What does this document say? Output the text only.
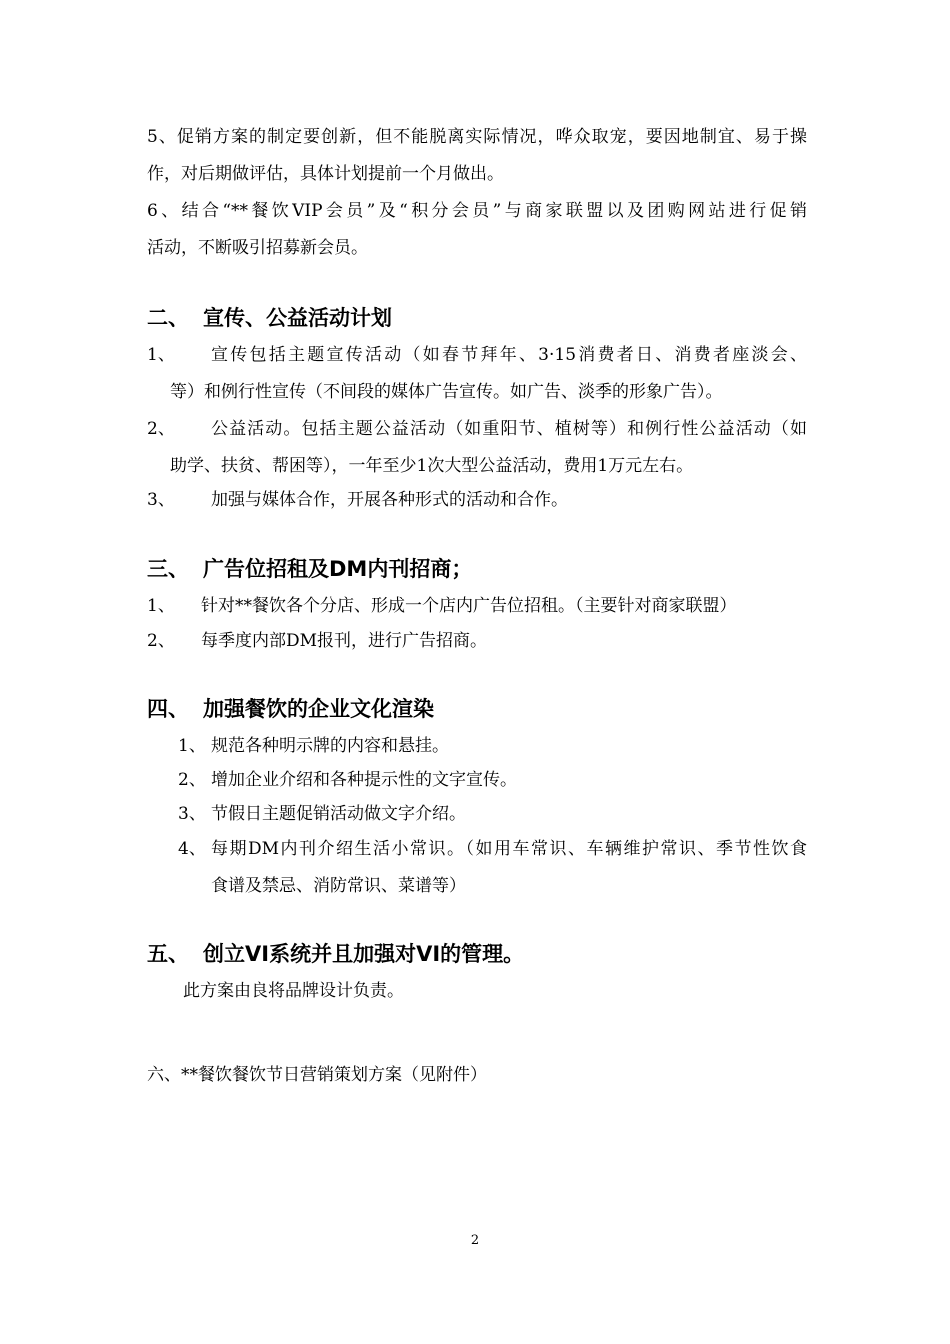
5、促销方案的制定要创新，但不能脱离实际情况，哗众取宠，要因地制宜、易于操
作，对后期做评估，具体计划提前一个月做出。
6、结合“**餐饮VIP会员”及“积分会员”与商家联盟以及团购网站进行促销
活动，不断吸引招募新会员。
二、 宣传、公益活动计划
1、 宣传包括主题宣传活动（如春节拜年、3·15消费者日、消费者座淡会、
等）和例行性宣传（不间段的媒体广告宣传。如广告、淡季的形象广告）。
2、 公益活动。包括主题公益活动（如重阳节、植树等）和例行性公益活动（如
助学、扶贫、帮困等），一年至少1次大型公益活动，费用1万元左右。
3、 加强与媒体合作，开展各种形式的活动和合作。
三、 广告位招租及DM内刊招商；
1、 针对**餐饮各个分店、形成一个店内广告位招租。（主要针对商家联盟）
2、 每季度内部DM报刊，进行广告招商。
四、 加强餐饮的企业文化渲染
1、 规范各种明示牌的内容和悬挂。
2、 增加企业介绍和各种提示性的文字宣传。
3、 节假日主题促销活动做文字介绍。
4、 每期DM内刊介绍生活小常识。（如用车常识、车辆维护常识、季节性饮食
食谱及禁忌、消防常识、菜谱等）
五、 创立VI系统并且加强对VI的管理。
此方案由良将品牌设计负责。
六、**餐饮餐饮节日营销策划方案（见附件）
2
